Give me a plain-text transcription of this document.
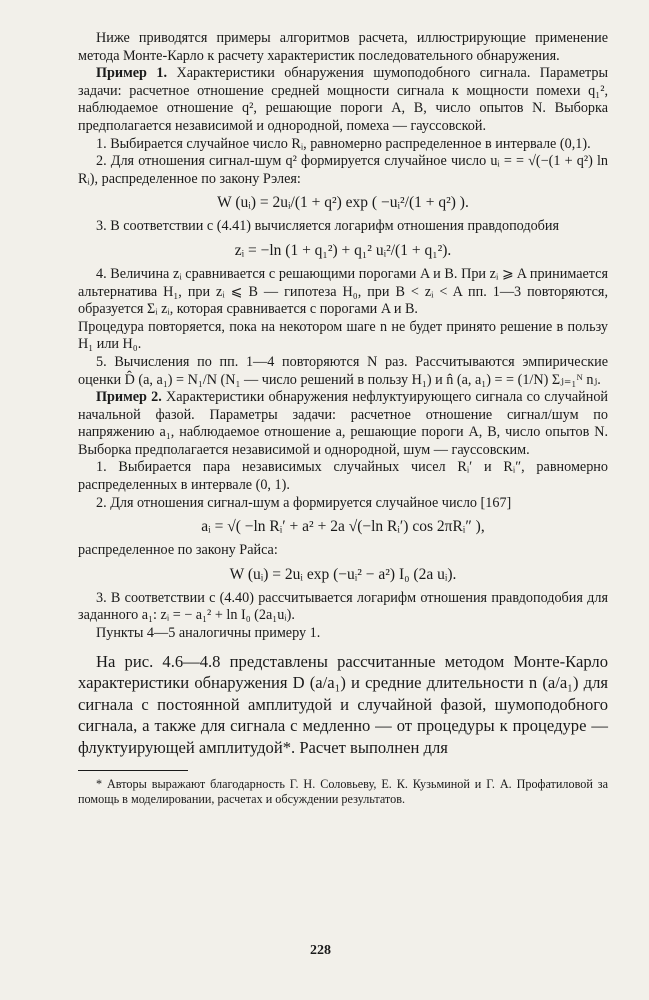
Ниже приводятся примеры алгоритмов расчета, иллюстрирующие применение метода Монте-Карло к расчету характеристик последовательного обнаружения.

Пример 1. Характеристики обнаружения шумоподобного сигнала. Параметры задачи: расчетное отношение средней мощности сигнала к мощности помехи q₁², наблюдаемое отношение q², решающие пороги A, B, число опытов N. Выборка предполагается независимой и однородной, помеха — гауссовской.

1. Выбирается случайное число Rᵢ, равномерно распределенное в интервале (0,1).

2. Для отношения сигнал-шум q² формируется случайное число uᵢ = = √(−(1 + q²) ln Rᵢ), распределенное по закону Рэлея:

W (uᵢ) = 2uᵢ/(1 + q²) exp ( −uᵢ²/(1 + q²) ).

3. В соответствии с (4.41) вычисляется логарифм отношения правдоподобия

zᵢ = −ln (1 + q₁²) + q₁² uᵢ²/(1 + q₁²).

4. Величина zᵢ сравнивается с решающими порогами A и B. При zᵢ ⩾ A принимается альтернатива H₁, при zᵢ ⩽ B — гипотеза H₀, при B < zᵢ < A пп. 1—3 повторяются, образуется Σᵢ zᵢ, которая сравнивается с порогами A и B.

Процедура повторяется, пока на некотором шаге n не будет принято решение в пользу H₁ или H₀.

5. Вычисления по пп. 1—4 повторяются N раз. Рассчитываются эмпирические оценки D̂ (a, a₁) = N₁/N (N₁ — число решений в пользу H₁) и n̂ (a, a₁) = = (1/N) Σⱼ₌₁ᴺ nⱼ.

Пример 2. Характеристики обнаружения нефлуктуирующего сигнала со случайной начальной фазой. Параметры задачи: расчетное отношение сигнал/шум по напряжению a₁, наблюдаемое отношение a, решающие пороги A, B, число опытов N. Выборка предполагается независимой и однородной, шум — гауссовским.

1. Выбирается пара независимых случайных чисел Rᵢ′ и Rᵢ″, равномерно распределенных в интервале (0, 1).

2. Для отношения сигнал-шум a формируется случайное число [167]

aᵢ = √( −ln Rᵢ′ + a² + 2a √(−ln Rᵢ′) cos 2πRᵢ″ ),

распределенное по закону Райса:

W (uᵢ) = 2uᵢ exp (−uᵢ² − a²) I₀ (2a uᵢ).

3. В соответствии с (4.40) рассчитывается логарифм отношения правдоподобия для заданного a₁: zᵢ = − a₁² + ln I₀ (2a₁uᵢ).

Пункты 4—5 аналогичны примеру 1.

На рис. 4.6—4.8 представлены рассчитанные методом Монте-Карло характеристики обнаружения D (a/a₁) и средние длительности n (a/a₁) для сигнала с постоянной амплитудой и случайной фазой, шумоподобного сигнала, а также для сигнала с медленно — от процедуры к процедуре — флуктуирующей амплитудой*. Расчет выполнен для

* Авторы выражают благодарность Г. Н. Соловьеву, Е. К. Кузьминой и Г. А. Профатиловой за помощь в моделировании, расчетах и обсуждении результатов.

228
